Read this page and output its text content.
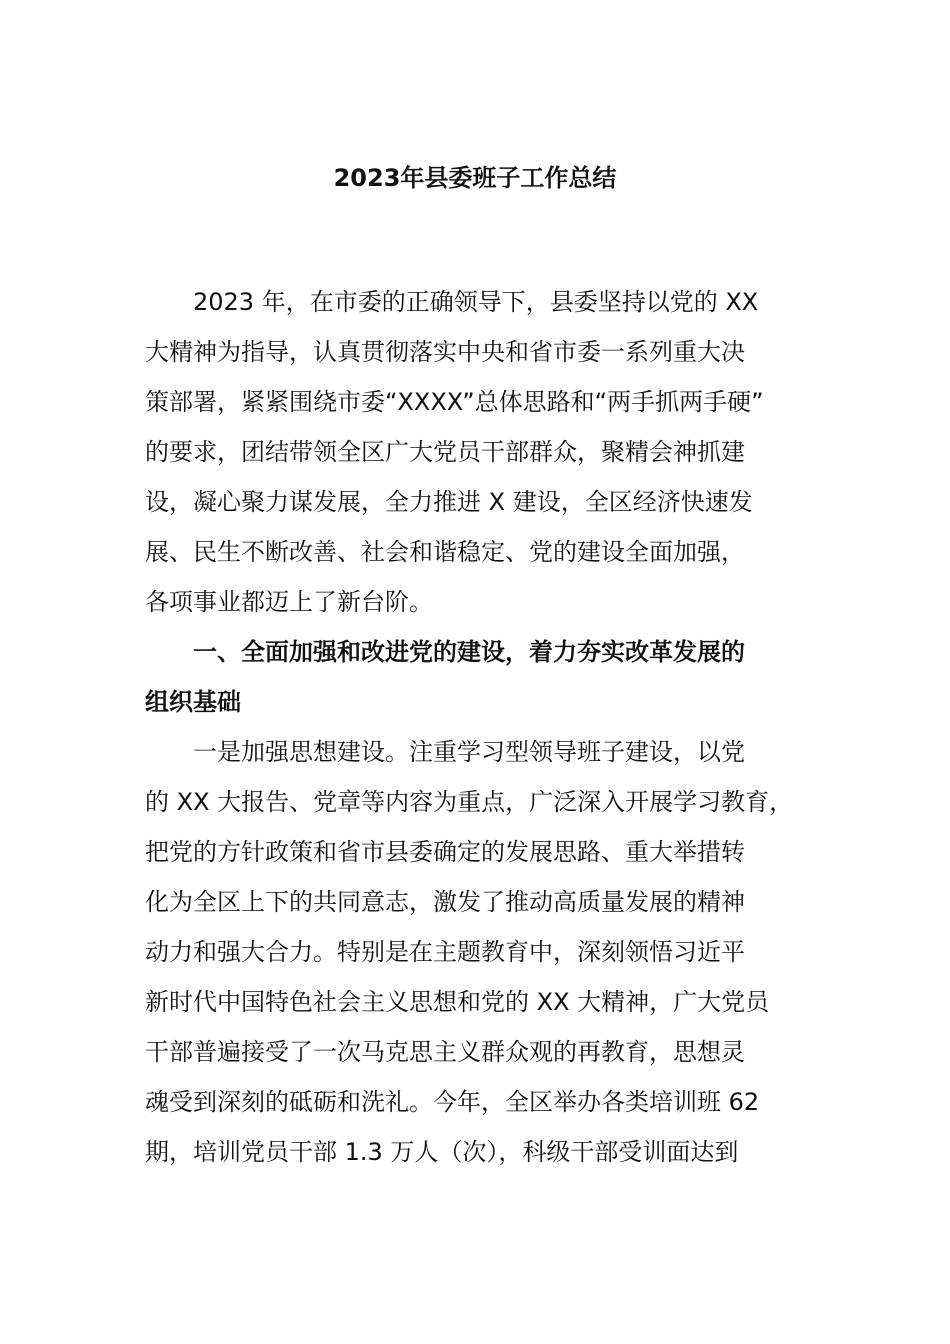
2023年县委班子工作总结
2023 年，在市委的正确领导下，县委坚持以党的 XX
大精神为指导，认真贯彻落实中央和省市委一系列重大决
策部署，紧紧围绕市委“XXXX”总体思路和“两手抓两手硬”
的要求，团结带领全区广大党员干部群众，聚精会神抓建
设，凝心聚力谋发展，全力推进 X 建设，全区经济快速发
展、民生不断改善、社会和谐稳定、党的建设全面加强，
各项事业都迈上了新台阶。
一、全面加强和改进党的建设，着力夯实改革发展的
组织基础
一是加强思想建设。注重学习型领导班子建设，以党
的 XX 大报告、党章等内容为重点，广泛深入开展学习教育，
把党的方针政策和省市县委确定的发展思路、重大举措转
化为全区上下的共同意志，激发了推动高质量发展的精神
动力和强大合力。特别是在主题教育中，深刻领悟习近平
新时代中国特色社会主义思想和党的 XX 大精神，广大党员
干部普遍接受了一次马克思主义群众观的再教育，思想灵
魂受到深刻的砥砺和洗礼。今年，全区举办各类培训班 62
期，培训党员干部 1.3 万人（次），科级干部受训面达到
